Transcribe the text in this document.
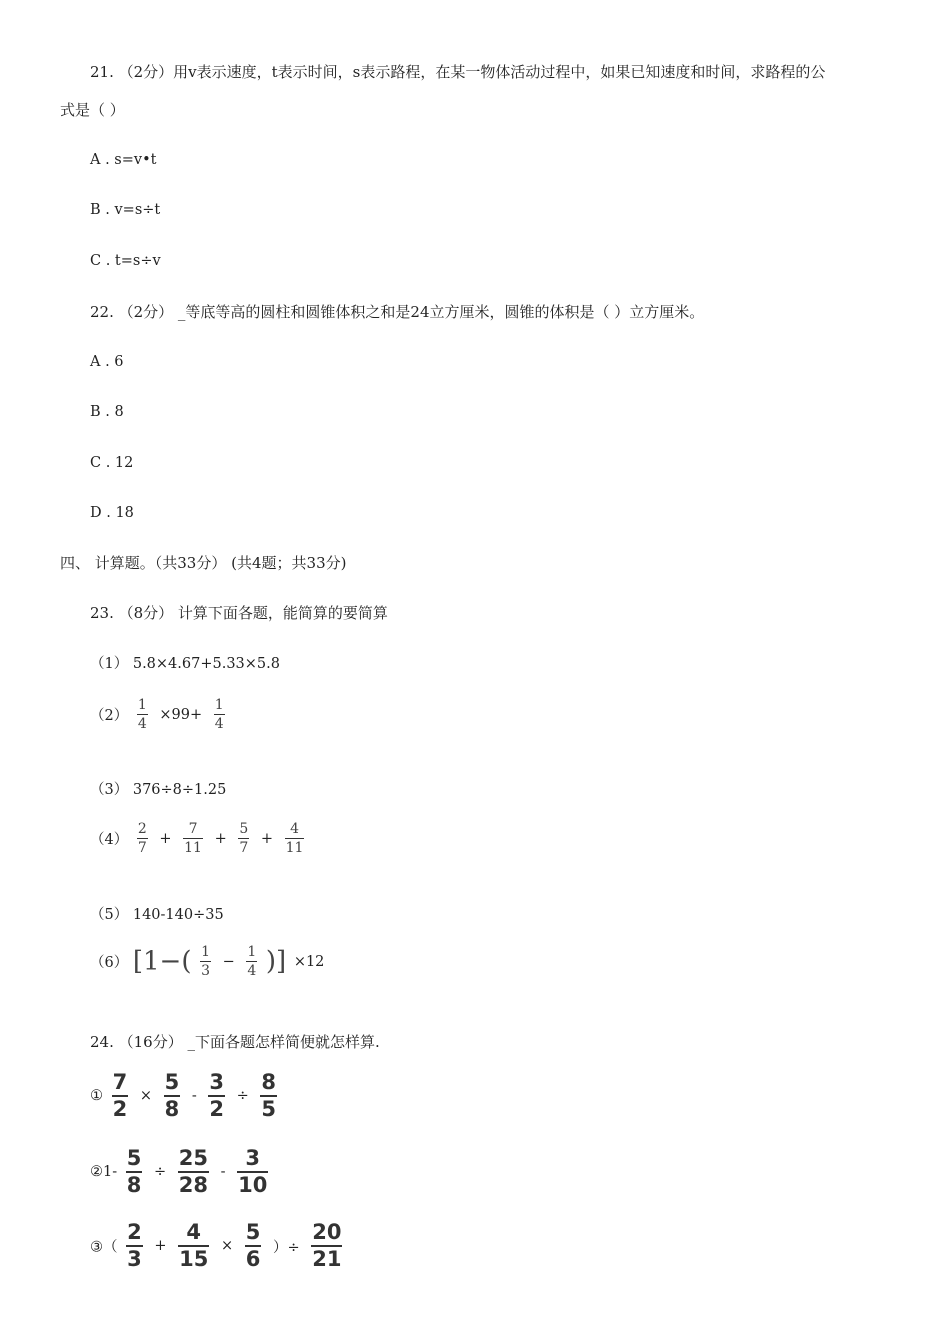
21. （2分）用v表示速度，t表示时间，s表示路程，在某一物体活动过程中，如果已知速度和时间，求路程的公
式是（ ）
A . s=v•t
B . v=s÷t
C . t=s÷v
22. （2分） _等底等高的圆柱和圆锥体积之和是24立方厘米，圆锥的体积是（ ）立方厘米。
A . 6
B . 8
C . 12
D . 18
四、 计算题。（共33分） (共4题；共33分)
23. （8分） 计算下面各题，能简算的要简算
（1） 5.8×4.67+5.33×5.8
$(2) \frac{1}{4} \times 99+ \frac{1}{4}$
（3） 376÷8÷1.25
$(4) \frac{2}{7} + \frac{7}{11} + \frac{5}{7} + \frac{4}{11}$
（5） 140-140÷35
（6） [$1-( \frac{1}{3} - \frac{1}{4}$ )] ×12
24. （16分） _下面各题怎样简便就怎样算.
① $\frac{7}{2} \times \frac{5}{8} - \frac{3}{2} \div \frac{8}{5}$
②1- $\frac{5}{8} \div \frac{25}{28} - \frac{3}{10}$
③（ $\frac{2}{3} + \frac{4}{15} \times \frac{5}{6}$ ）÷ $\frac{20}{21}$
